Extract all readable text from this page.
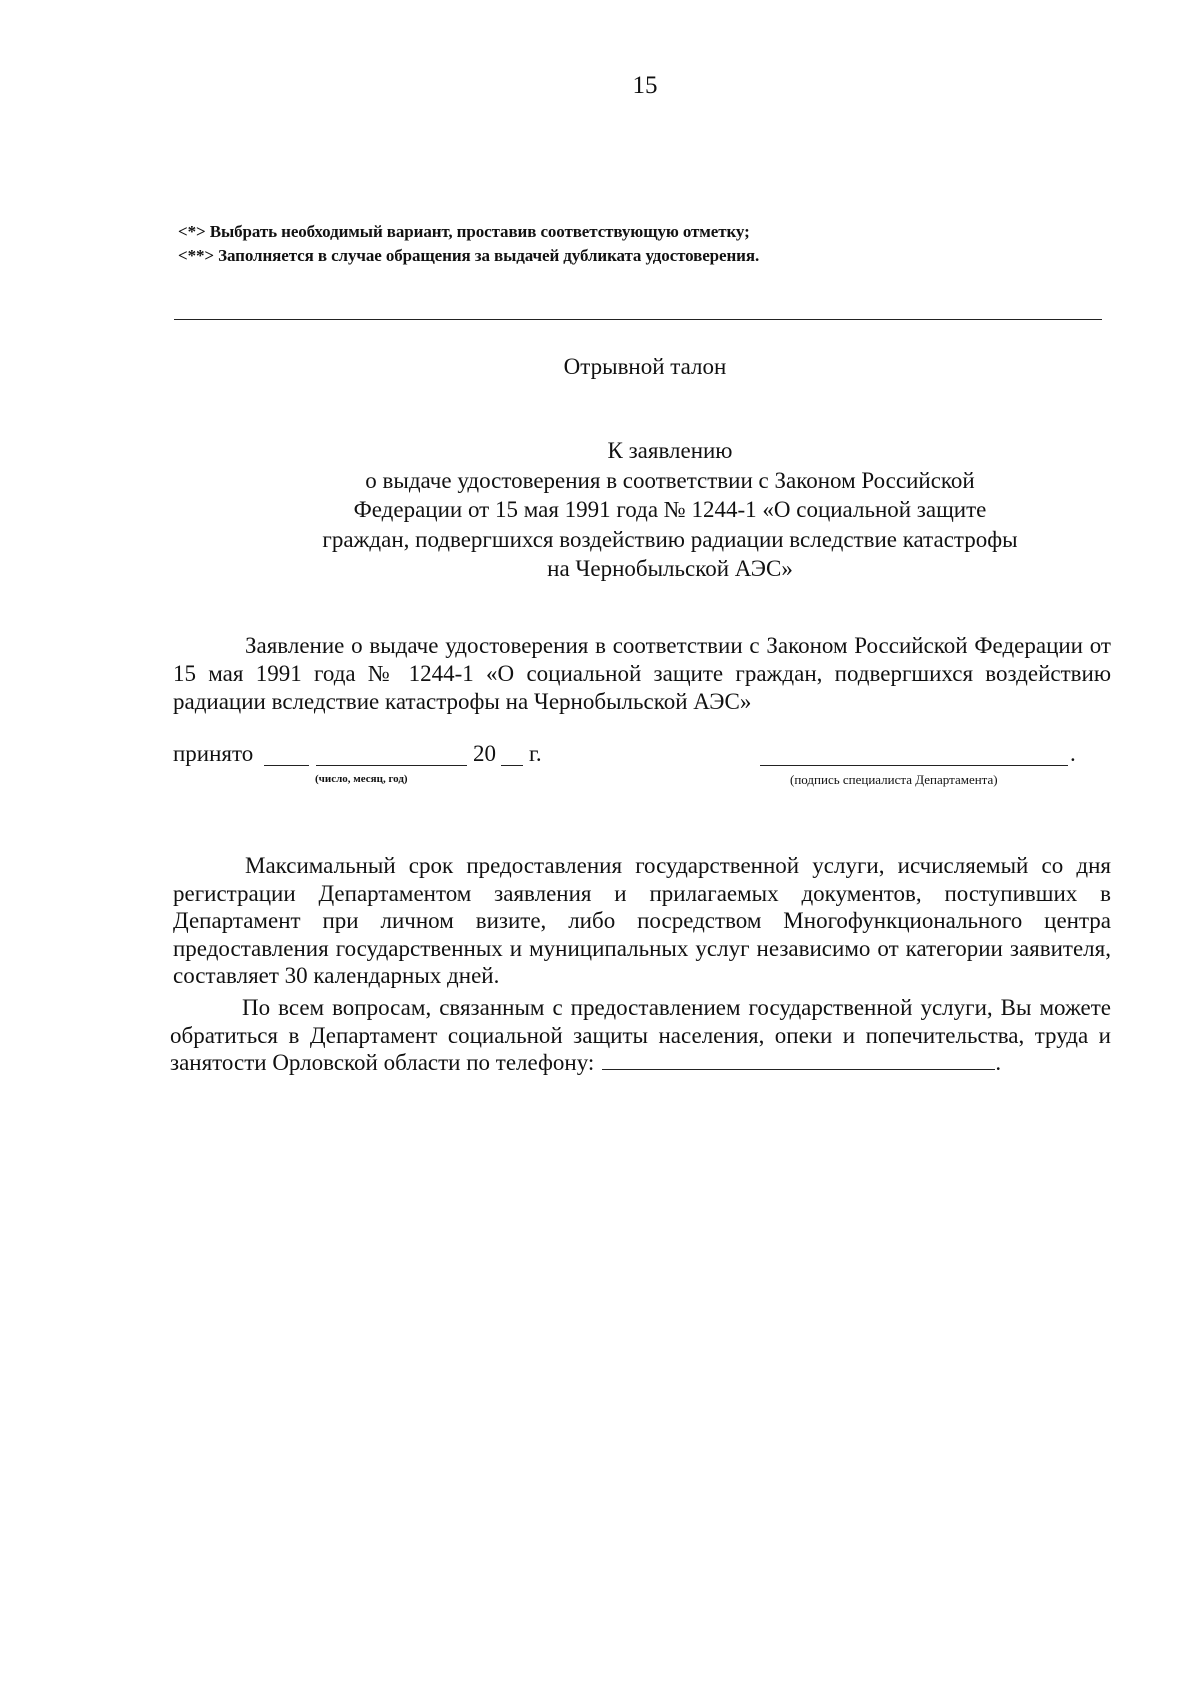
15
<*> Выбрать необходимый вариант, проставив соответствующую отметку;
<**> Заполняется в случае обращения за выдачей дубликата удостоверения.
Отрывной талон
К заявлению
о выдаче удостоверения в соответствии с Законом Российской
Федерации от 15 мая 1991 года № 1244-1 «О социальной защите
граждан, подвергшихся воздействию радиации вследствие катастрофы
на Чернобыльской АЭС»
Заявление о выдаче удостоверения в соответствии с Законом Российской Федерации от 15 мая 1991 года № 1244-1 «О социальной защите граждан, подвергшихся воздействию радиации вследствие катастрофы на Чернобыльской АЭС»
принято	20 г.
(число, месяц, год)
.
(подпись специалиста Департамента)
Максимальный срок предоставления государственной услуги, исчисляемый со дня регистрации Департаментом заявления и прилагаемых документов, поступивших в Департамент при личном визите, либо посредством Многофункционального центра предоставления государственных и муниципальных услуг независимо от категории заявителя, составляет 30 календарных дней.
По всем вопросам, связанным с предоставлением государственной услуги, Вы можете обратиться в Департамент социальной защиты населения, опеки и попечительства, труда и занятости Орловской области по телефону:	.
